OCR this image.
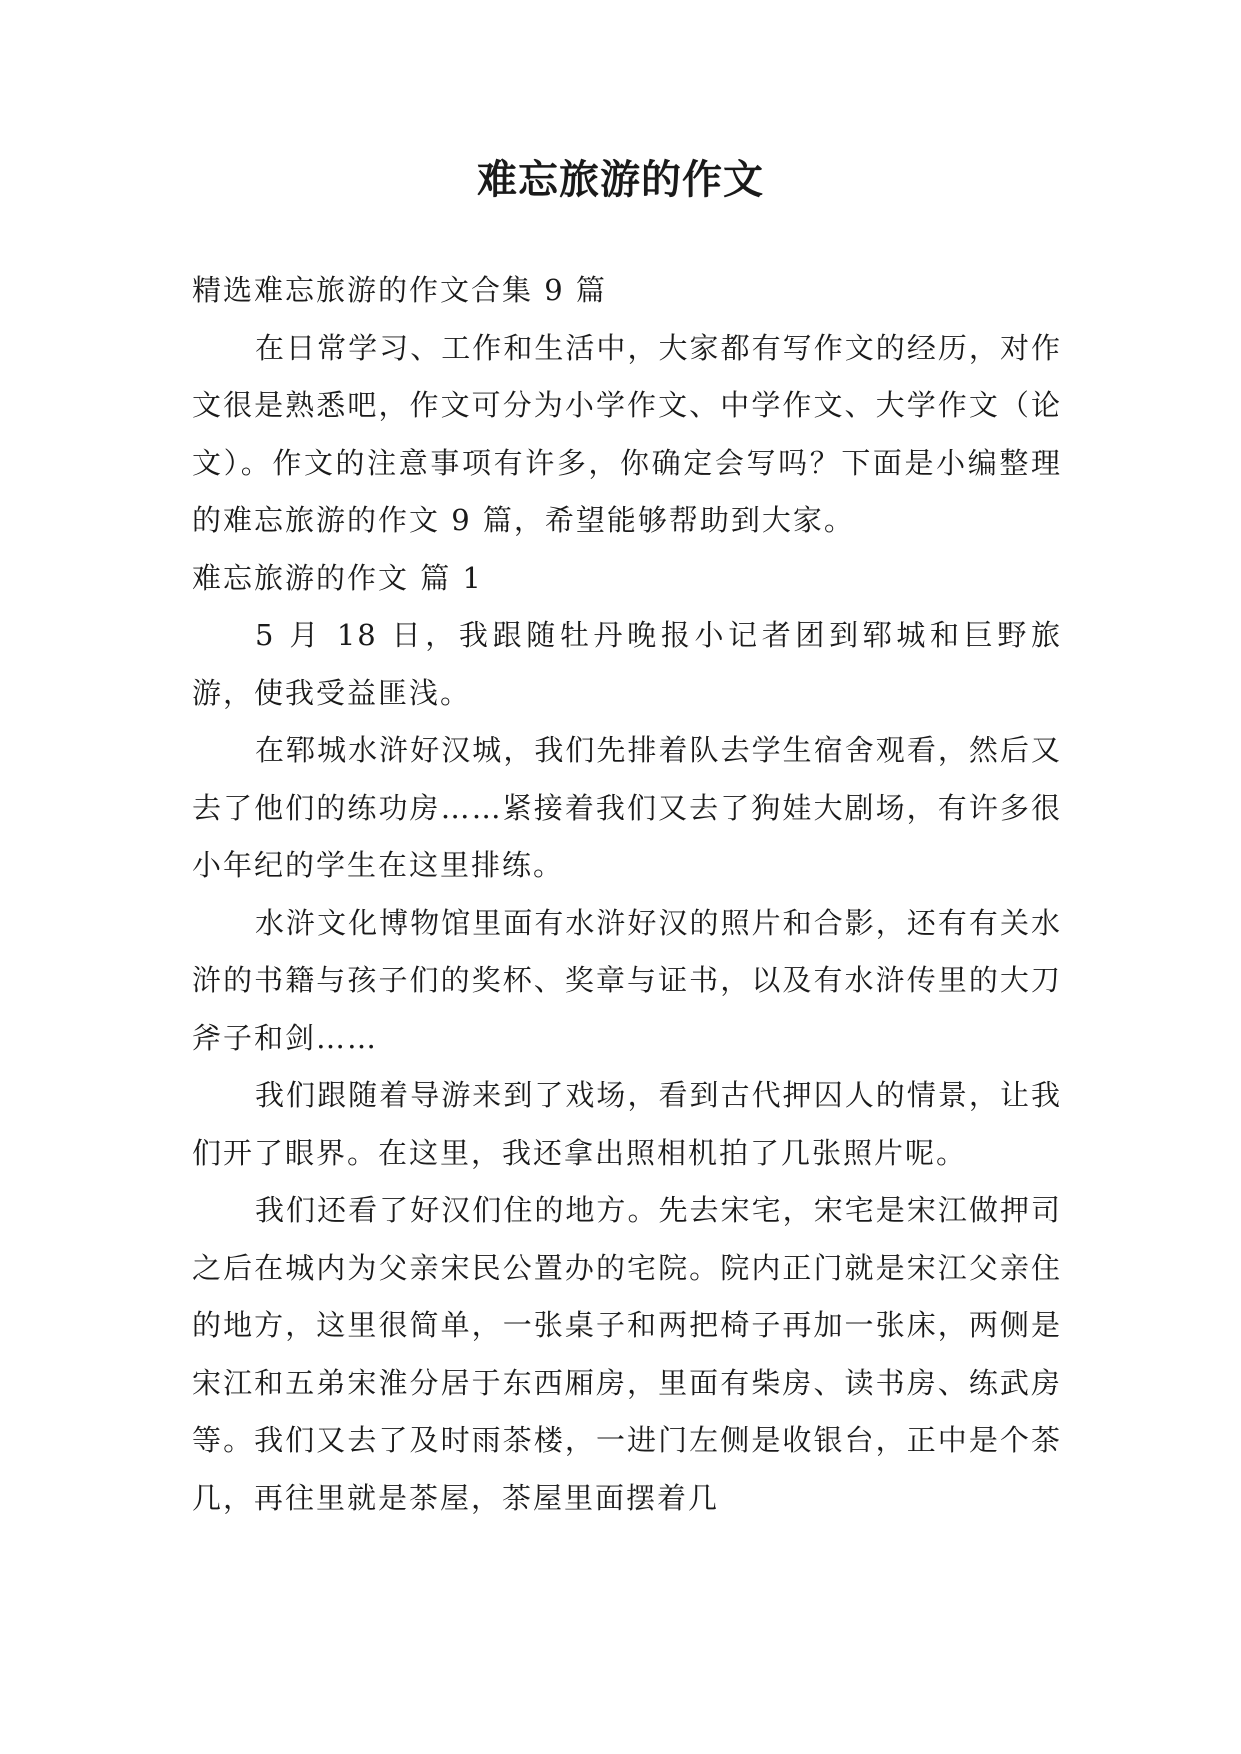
难忘旅游的作文

精选难忘旅游的作文合集 9 篇

在日常学习、工作和生活中，大家都有写作文的经历，对作文很是熟悉吧，作文可分为小学作文、中学作文、大学作文（论文）。作文的注意事项有许多，你确定会写吗？下面是小编整理的难忘旅游的作文 9 篇，希望能够帮助到大家。

难忘旅游的作文 篇 1

5 月 18 日，我跟随牡丹晚报小记者团到郓城和巨野旅游，使我受益匪浅。

在郓城水浒好汉城，我们先排着队去学生宿舍观看，然后又去了他们的练功房……紧接着我们又去了狗娃大剧场，有许多很小年纪的学生在这里排练。

水浒文化博物馆里面有水浒好汉的照片和合影，还有有关水浒的书籍与孩子们的奖杯、奖章与证书，以及有水浒传里的大刀斧子和剑……

我们跟随着导游来到了戏场，看到古代押囚人的情景，让我们开了眼界。在这里，我还拿出照相机拍了几张照片呢。

我们还看了好汉们住的地方。先去宋宅，宋宅是宋江做押司之后在城内为父亲宋民公置办的宅院。院内正门就是宋江父亲住的地方，这里很简单，一张桌子和两把椅子再加一张床，两侧是宋江和五弟宋淮分居于东西厢房，里面有柴房、读书房、练武房等。我们又去了及时雨茶楼，一进门左侧是收银台，正中是个茶几，再往里就是茶屋，茶屋里面摆着几
